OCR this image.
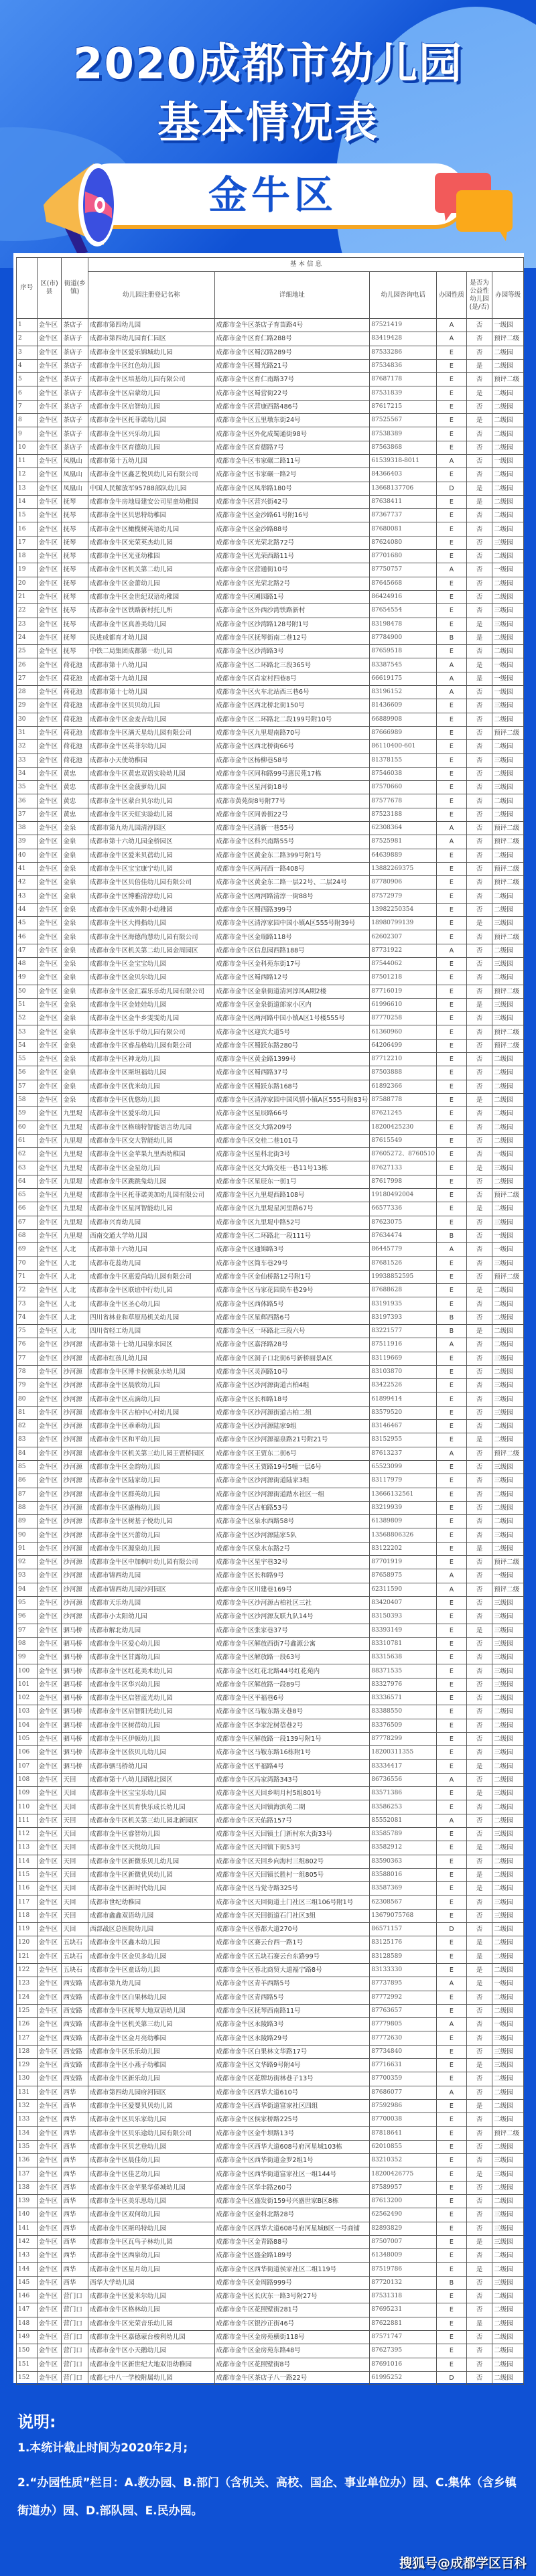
2020成都市幼儿园
基本情况表
金牛区
序号	区(市)县	街道(乡镇)	基 本 信 息					
			幼儿园注册登记名称	详细地址	幼儿园咨询电话	办园性质	是否为公益性幼儿园(是/否)	办园等级
1	金牛区	茶店子	成都市第四幼儿园	成都市金牛区茶店子育苗路4号	87521419	A	否	一级园
2	金牛区	茶店子	成都市第四幼儿园育仁园区	成都市金牛区育仁路288号	83419428	A	否	预评二级
3	金牛区	茶店子	成都市金牛区爱乐锦城幼儿园	成都市金牛区蜀汉路289号	87533286	E	否	二级园
4	金牛区	茶店子	成都市金牛区红色幼儿园	成都市金牛区蜀光路21号	87534836	E	是	二级园
5	金牛区	茶店子	成都市金牛区培基幼儿园有限公司	成都市金牛区育仁南路37号	87687178	E	否	预评二级
6	金牛区	茶店子	成都市金牛区启蒙幼儿园	成都市金牛区蜀营街22号	87531839	E	是	二级园
7	金牛区	茶店子	成都市金牛区启智幼儿园	成都市金牛区营康西路486号	87617215	E	否	二级园
8	金牛区	茶店子	成都市金牛区托菲诺幼儿园	成都市金牛区五里墩东街24号	87525567	E	是	二级园
9	金牛区	茶店子	成都市金牛区兴乐幼儿园	成都市金牛区外化成蜀通街98号	87538389	E	否	二级园
10	金牛区	茶店子	成都市金牛区育德幼儿园	成都市金牛区育德路7号	87563868	E	否	二级园
11	金牛区	凤凰山	成都市第十五幼儿园	成都市金牛区韦家碾二路11号	61539318-8011	A	否	一级园
12	金牛区	凤凰山	成都市金牛区鑫艺悦贝幼儿园有限公司	成都市金牛区韦家碾一路2号	84366403	E	否	二级园
13	金牛区	凤凰山	中国人民解放军95788部队幼儿园	成都市金牛区凤举路180号	13668137706	D	是	二级园
14	金牛区	抚琴	成都市金牛房地局建安公司星童幼稚园	成都市金牛区营兴街42号	87638411	E	是	二级园
15	金牛区	抚琴	成都市金牛区贝思特幼稚园	成都市金牛区金沙路61号附16号	87367737	E	否	二级园
16	金牛区	抚琴	成都市金牛区橄榄树英语幼儿园	成都市金牛区金沙路88号	87680081	E	否	二级园
17	金牛区	抚琴	成都市金牛区光荣英杰幼儿园	成都市金牛区光荣北路72号	87624080	E	否	三级园
18	金牛区	抚琴	成都市金牛区光亚幼稚园	成都市金牛区光荣西路11号	87701680	E	否	二级园
19	金牛区	抚琴	成都市金牛区机关第二幼儿园	成都市金牛区营通街10号	87750757	A	否	一级园
20	金牛区	抚琴	成都市金牛区金蕾幼儿园	成都市金牛区光荣北路2号	87645668	E	否	二级园
21	金牛区	抚琴	成都市金牛区金世纪双语幼稚园	成都市金牛区圃园路1号	86424916	E	否	二级园
22	金牛区	抚琴	成都市金牛区铁路新村托儿所	成都市金牛区外西沙湾铁路新村	87654554	E	否	三级园
23	金牛区	抚琴	成都市金牛区真善美幼儿园	成都市金牛区沙湾路128号附1号	83198478	E	是	三级园
24	金牛区	抚琴	民进成都育才幼儿园	成都市金牛区抚琴街南二巷12号	87784900	B	是	二级园
25	金牛区	抚琴	中铁二局集团成都第一幼儿园	成都市金牛区沙湾路3号	87659518	E	否	二级园
26	金牛区	荷花池	成都市第十八幼儿园	成都市金牛区二环路北三段365号	83387545	A	是	一级园
27	金牛区	荷花池	成都市第十九幼儿园	成都市金牛区肖家村四巷8号	66619175	A	是	一级园
28	金牛区	荷花池	成都市第十七幼儿园	成都市金牛区火车北站西三巷6号	83196152	A	否	一级园
29	金牛区	荷花池	成都市金牛区贝贝幼儿园	成都市金牛区西北桥北街150号	81436609	E	否	三级园
30	金牛区	荷花池	成都市金牛区金麦吉幼儿园	成都市金牛区二环路北二段199号附10号	66889908	E	否	二级园
31	金牛区	荷花池	成都市金牛区满天星幼儿园有限公司	成都市金牛区九里堤南路70号	87666989	E	否	预评二级
32	金牛区	荷花池	成都市金牛区英菲尔幼儿园	成都市金牛区西北桥街66号	86110400-601	E	否	二级园
33	金牛区	荷花池	成都市小天使幼稚园	成都市金牛区杨柳巷58号	81378155	E	否	三级园
34	金牛区	黄忠	成都市金牛区黄忠双语实验幼儿园	成都市金牛区同和路99号惠民苑17栋	87546038	E	否	二级园
35	金牛区	黄忠	成都市金牛区金菠萝幼儿园	成都市金牛区星河街18号	87570660	E	否	三级园
36	金牛区	黄忠	成都市金牛区蒙台贝尔幼儿园	成都市黄苑街8号附77号	87577678	E	否	二级园
37	金牛区	黄忠	成都市金牛区天虹实验幼儿园	成都市金牛区同善街22号	87523188	E	否	二级园
38	金牛区	金泉	成都市第九幼儿园清淳园区	成都市金牛区清新一巷55号	62308364	A	否	预评二级
39	金牛区	金泉	成都市第十六幼儿园金桥园区	成都市金牛区科兴南路55号	87525981	A	否	预评二级
40	金牛区	金泉	成都市金牛区爱米贝蓓幼儿园	成都市金牛区黄金东二路399号附1号	64639889	E	否	二级园
41	金牛区	金泉	成都市金牛区宝宝康宁幼儿园	成都市金牛区两河西一路408号	13882269375	E	否	预评二级
42	金牛区	金泉	成都市金牛区贝倍佳幼儿园有限公司	成都市金牛区黄金东二路一层22号、二层24号	87780906	E	否	预评二级
43	金牛区	金泉	成都市金牛区博雅清淳幼儿园	成都市金牛区两河路清淳一街88号	87572979	E	否	二级园
44	金牛区	金泉	成都市金牛区成外附小幼稚园	成都市金牛区蜀西路399号	13982250354	E	否	二级园
45	金牛区	金泉	成都市金牛区大拇指幼儿园	成都市金牛区清淳家园中国小镇A区555号附39号	18980799139	E	是	三级园
46	金牛区	金泉	成都市金牛区海德尚慧幼儿园有限公司	成都市金牛区金瑞路118号	62602307	E	否	预评二级
47	金牛区	金泉	成都市金牛区机关第二幼儿园金周园区	成都市金牛区信息园西路188号	87731922	A	否	二级园
48	金牛区	金泉	成都市金牛区金宝宝幼儿园	成都市金牛区金科苑东街17号	87544062	E	否	三级园
49	金牛区	金泉	成都市金牛区金贝尔幼儿园	成都市金牛区蜀西路12号	87501218	E	否	二级园
50	金牛区	金泉	成都市金牛区金汇霖乐乐幼儿园有限公司	成都市金牛区金泉街道清河淳风A期2楼	87716019	E	否	预评二级
51	金牛区	金泉	成都市金牛区金娃娃幼儿园	成都市金牛区金泉街道郎家小区内	61996610	E	是	三级园
52	金牛区	金泉	成都市金牛区金牛乡雯雯幼儿园	成都市金牛区两河路中国小镇A区1号楼555号	87770258	E	否	三级园
53	金牛区	金泉	成都市金牛区乐乎幼儿园有限公司	成都市金牛区迎宾大道5号	61360960	E	否	预评二级
54	金牛区	金泉	成都市金牛区睿品格幼儿园有限公司	成都市金牛区蜀跃东路280号	64206499	E	否	预评二级
55	金牛区	金泉	成都市金牛区神龙幼儿园	成都市金牛区黄金路1399号	87712210	E	否	二级园
56	金牛区	金泉	成都市金牛区斯坦福幼儿园	成都市金牛区蜀西路37号	87503888	E	否	二级园
57	金牛区	金泉	成都市金牛区优米幼儿园	成都市金牛区蜀跃东路168号	61892366	E	否	二级园
58	金牛区	金泉	成都市金牛区优悠幼儿园	成都市金牛区清淳家园中国风情小镇A区555号附83号	87588778	E	是	二级园
59	金牛区	九里堤	成都市金牛区爱乐幼儿园	成都市金牛区星辰路66号	87621245	E	否	二级园
60	金牛区	九里堤	成都市金牛区格瑞特智能语言幼儿园	成都市金牛区交大路209号	18200425230	E	否	二级园
61	金牛区	九里堤	成都市金牛区交大智能幼儿园	成都市金牛区交桂二巷101号	87615549	E	否	二级园
62	金牛区	九里堤	成都市金牛区金苹果九里西幼稚园	成都市金牛区星科北街3号	87605272、8760510	E	否	一级园
63	金牛区	九里堤	成都市金牛区金星幼儿园	成都市金牛区交大路交桂一巷11号13栋	87627133	E	是	三级园
64	金牛区	九里堤	成都市金牛区跳跳兔幼儿园	成都市金牛区星辰东一街1号	87617998	E	否	二级园
65	金牛区	九里堤	成都市金牛区托菲诺美加幼儿园有限公司	成都市金牛区九里堤西路108号	19180492004	E	否	预评二级
66	金牛区	九里堤	成都市金牛区星河智能幼儿园	成都市金牛区九里堤星河里路67号	66577336	E	是	二级园
67	金牛区	九里堤	成都市兴育幼儿园	成都市金牛区九里堤中路52号	87623075	E	否	三级园
68	金牛区	九里堤	西南交通大学幼儿园	成都市金牛区二环路北一段111号	87634474	B	否	一级园
69	金牛区	人北	成都市第十六幼儿园	成都市金牛区通锦路3号	86445779	A	否	一级园
70	金牛区	人北	成都市花蕊幼儿园	成都市金牛区筒车巷29号	87681526	E	否	三级园
71	金牛区	人北	成都市金牛区惠爱尚幼儿园有限公司	成都市金牛区金仙桥路12号附1号	19938852595	E	否	预评二级
72	金牛区	人北	成都市金牛区联谊中行幼儿园	成都市金牛区马家花园筒车巷29号	87688628	E	是	二级园
73	金牛区	人北	成都市金牛区圣心幼儿园	成都市金牛区西体路5号	83191935	E	否	二级园
74	金牛区	人北	四川省林业和草原局机关幼儿园	成都市金牛区星辉西路6号	83197393	B	否	二级园
75	金牛区	人北	四川省轻工幼儿园	成都市金牛区一环路北三段六号	83221577	B	是	二级园
76	金牛区	沙河源	成都市第十七幼儿园泉水园区	成都市金牛区嘉泽路28号	87511916	A	否	二级园
77	金牛区	沙河源	成都市红孩儿幼儿园	成都市金牛区洞子口北街6号新桥丽景A区	83119669	E	否	三级园
78	金牛区	沙河源	成都市金牛区博卡拉顿泉水幼儿园	成都市金牛区灵润路10号	83103870	E	否	二级园
79	金牛区	沙河源	成都市金牛区晨欣幼儿园	成都市金牛区沙河源街道古柏4组	83422526	E	否	三级园
80	金牛区	沙河源	成都市金牛区点滴幼儿园	成都市金牛区长和路18号	61899414	E	否	三级园
81	金牛区	沙河源	成都市金牛区古柏中心村幼儿园	成都市金牛区沙河源街道古柏二组	83579520	E	否	三级园
82	金牛区	沙河源	成都市金牛区乖乖幼儿园	成都市金牛区沙河源陆家9组	83146467	E	否	二级园
83	金牛区	沙河源	成都市金牛区和平幼儿园	成都市金牛区沙河源福泉路21号附21号	83152955	E	是	二级园
84	金牛区	沙河源	成都市金牛区机关第三幼儿园王贾桥园区	成都市金牛区王贾东二街6号	87613237	A	否	预评二级
85	金牛区	沙河源	成都市金牛区金韵幼儿园	成都市金牛区王贾路19号5幢一层6号	65523099	E	否	三级园
86	金牛区	沙河源	成都市金牛区陆家幼儿园	成都市金牛区沙河源街道陆家3组	83117979	E	否	三级园
87	金牛区	沙河源	成都市金牛区群英幼儿园	成都市金牛区沙河源街道踏水社区一组	13666132561	E	否	二级园
88	金牛区	沙河源	成都市金牛区盛梅幼儿园	成都市金牛区古柏路53号	83219939	E	否	二级园
89	金牛区	沙河源	成都市金牛区树基子悦幼儿园	成都市金牛区泉水西路58号	61389809	E	否	二级园
90	金牛区	沙河源	成都市金牛区兴蕾幼儿园	成都市金牛区沙河源陆家5队	13568806326	E	否	三级园
91	金牛区	沙河源	成都市金牛区源泉幼儿园	成都市金牛区泉水东路2号	83122202	E	是	二级园
92	金牛区	沙河源	成都市金牛区中加枫叶幼儿园有限公司	成都市金牛区星宇巷32号	87701919	E	否	预评二级
93	金牛区	沙河源	成都市锦西幼儿园	成都市金牛区长和路9号	87658975	A	否	一级园
94	金牛区	沙河源	成都市锦西幼儿园沙河园区	成都市金牛区川建巷169号	62311590	A	否	预评二级
95	金牛区	沙河源	成都市天乐幼儿园	成都市金牛区沙河源古柏社区三社	83420407	E	否	三级园
96	金牛区	沙河源	成都市小太阳幼儿园	成都市金牛区沙河源友联九队14号	83150393	E	否	三级园
97	金牛区	驷马桥	成都市解北幼儿园	成都市金牛区张家巷37号	83393149	E	是	三级园
98	金牛区	驷马桥	成都市金牛区爱心幼儿园	成都市金牛区解放西街7号鑫源公寓	83310781	E	否	三级园
99	金牛区	驷马桥	成都市金牛区甘露幼儿园	成都市金牛区解放路一段63号	83315638	E	否	三级园
100	金牛区	驷马桥	成都市金牛区红花美术幼儿园	成都市金牛区红花北路44号红花苑内	88371535	E	否	三级园
101	金牛区	驷马桥	成都市金牛区华兴幼儿园	成都市金牛区解放路一段89号	83327976	E	否	三级园
102	金牛区	驷马桥	成都市金牛区启智蓝光幼儿园	成都市金牛区平福巷6号	83336571	E	否	二级园
103	金牛区	驷马桥	成都市金牛区启智阳光幼儿园	成都市金牛区马鞍东路支巷8号	83388550	E	否	二级园
104	金牛区	驷马桥	成都市金牛区树蓓幼儿园	成都市金牛区李家沱树蓓巷2号	83376509	E	否	二级园
105	金牛区	驷马桥	成都市金牛区伊顿幼儿园	成都市金牛区解放路一段139号附1号	87778299	E	否	二级园
106	金牛区	驷马桥	成都市金牛区依贝儿幼儿园	成都市金牛区马鞍东路16栋附1号	18200311355	E	否	三级园
107	金牛区	驷马桥	成都市驷马桥幼儿园	成都市金牛区平福路4号	83334417	E	是	二级园
108	金牛区	天回	成都市第十八幼儿园锦北园区	成都市金牛区冯家湾路343号	86736556	A	否	二级园
109	金牛区	天回	成都市金牛区宝宝乐幼儿园	成都市金牛区天回乡明月村5组801号	83571386	E	是	三级园
110	金牛区	天回	成都市金牛区贝育快乐成长幼儿园	成都市金牛区天回镇海滨苑二期	83586253	E	否	二级园
111	金牛区	天回	成都市金牛区机关第三幼儿园北新园区	成都市金牛区天佑路157号	85552081	A	否	二级园
112	金牛区	天回	成都市金牛区睿智幼儿园	成都市金牛区天回镇土门新村东大街33号	83585789	E	否	三级园
113	金牛区	天回	成都市金牛区天悦幼儿园	成都市金牛区天回镇下街53号	83582912	E	是	二级园
114	金牛区	天回	成都市金牛区新微乐贝儿幼儿园	成都市金牛区天回乡向海村三组802号	83590363	E	否	二级园
115	金牛区	天回	成都市金牛区新微优贝幼儿园	成都市金牛区天回镇长胜村一组805号	83588016	E	是	二级园
116	金牛区	天回	成都市金牛区新时代幼儿园	成都市金牛区马觉寺路325号	83587369	E	是	二级园
117	金牛区	天回	成都市世纪幼稚园	成都市金牛区天回街道土门社区三组106号附1号	62308567	E	否	三级园
118	金牛区	天回	成都市鑫鑫双语幼儿园	成都市金牛区天回街道石门社区3组	13679075768	E	否	三级园
119	金牛区	天回	西部战区总医院幼儿园	成都市金牛区蓉都大道270号	86571157	D	否	二级园
120	金牛区	五块石	成都市金牛区鑫木幼儿园	成都市金牛区赛云台西一路1号	83125176	E	是	二级园
121	金牛区	五块石	成都市金牛区金贝多幼儿园	成都市金牛区五块石赛云台东路99号	83128589	E	是	二级园
122	金牛区	五块石	成都市金牛区童话幼儿园	成都市金牛区蓉北商贸大道福宁路8号	83133330	E	是	二级园
123	金牛区	西安路	成都市第九幼儿园	成都市金牛区青羊西路5号	87737895	A	是	一级园
124	金牛区	西安路	成都市金牛区白果林幼儿园	成都市金牛区青西路5号	87772992	E	否	二级园
125	金牛区	西安路	成都市金牛区抚琴大地双语幼儿园	成都市金牛区抚琴西南路11号	87763657	E	否	二级园
126	金牛区	西安路	成都市金牛区机关第三幼儿园	成都市金牛区永陵路3号	87779805	A	否	一级园
127	金牛区	西安路	成都市金牛区金月亮幼稚园	成都市金牛区永陵路29号	87772630	E	否	三级园
128	金牛区	西安路	成都市金牛区乐乐幼儿园	成都市金牛区白果林文华路17号	87734840	E	否	三级园
129	金牛区	西安路	成都市金牛区小燕子幼稚园	成都市金牛区文华路9号附4号	87716631	E	是	三级园
130	金牛区	西安路	成都市金牛区新乐幼儿园	成都市金牛区花牌坊街林巷子13号	87700359	E	否	二级园
131	金牛区	西华	成都市第四幼儿园府河园区	成都市金牛区西华大道610号	87686077	A	否	二级园
132	金牛区	西华	成都市金牛区爱婴贝贝幼儿园	成都市金牛区西华街道富家社区四组	87592986	E	是	二级园
133	金牛区	西华	成都市金牛区贝乐家幼儿园	成都市金牛区侯家桥路225号	87700038	E	否	二级园
134	金牛区	西华	成都市金牛区贝乐途幼儿园有限公司	成都市金牛区金牛坝路13号	87818641	E	否	预评二级
135	金牛区	西华	成都市金牛区贝艺登幼儿园	成都市金牛区西华大道608号府河星城103栋	62010855	E	否	二级园
136	金牛区	西华	成都市金牛区晨佳幼儿园	成都市金牛区西华街道金罗2组1号	83210352	E	否	三级园
137	金牛区	西华	成都市金牛区佳艺幼儿园	成都市金牛区西华街道富家社区一组144号	18200426775	E	是	三级园
138	金牛区	西华	成都市金牛区金苹果华侨城幼儿园	成都市金牛区华丰路260号	87589957	E	否	二级园
139	金牛区	西华	成都市金牛区美乐思幼儿园	成都市金牛区盛发街159号兴盛世家B区8栋	87613200	E	否	二级园
140	金牛区	西华	成都市金牛区双何幼儿园	成都市金牛区金科北路28号	62562490	E	否	三级园
141	金牛区	西华	成都市金牛区斯玛特幼儿园	成都市金牛区西华大道608号府河星城B区一号商铺	82893829	E	否	三级园
142	金牛区	西华	成都市金牛区瓦鸟子林幼儿园	成都市金牛区金青路88号	87507007	E	是	三级园
143	金牛区	西华	成都市金牛区西泉幼儿园	成都市金牛区盛金路189号	61348009	E	否	二级园
144	金牛区	西华	成都市金牛区星月幼儿园	成都市金牛区西华街道侯家社区二组119号	87519786	E	是	二级园
145	金牛区	西华	西华大学幼儿园	成都市金牛区金周路999号	87720132	B	否	三级园
146	金牛区	营门口	成都市金牛区爱米尔幼儿园	成都市金牛区长庆东一路3号附27号	87531318	E	否	二级园
147	金牛区	营门口	成都市金牛区格林幼儿园	成都市金牛区花照壁街281号	87695231	E	否	二级园
148	金牛区	营门口	成都市金牛区光荣音乐幼儿园	成都市金牛区银沙正街46号	87622881	E	是	二级园
149	金牛区	营门口	成都市金牛区嘉德蒙台梭利幼儿园	成都市金牛区金房苑横街118号	87571747	E	否	二级园
150	金牛区	营门口	成都市金牛区小天鹅幼儿园	成都市金牛区金房苑东路48号	87627395	E	否	二级园
151	金牛区	营门口	成都市金牛区新世纪大地双语幼稚园	成都市金牛区花照壁街8号	87691016	E	否	二级园
152	金牛区	营门口	成都七中八一学校附属幼儿园	成都市金牛区茶店子八一路22号	61995252	D	否	二级园
说明:

1.本统计截止时间为2020年2月;

2.“办园性质”栏目：A.教办园、B.部门（含机关、高校、国企、事业单位办）园、C.集体（含乡镇街道办）园、D.部队园、E.民办园。

搜狐号@成都学区百科
